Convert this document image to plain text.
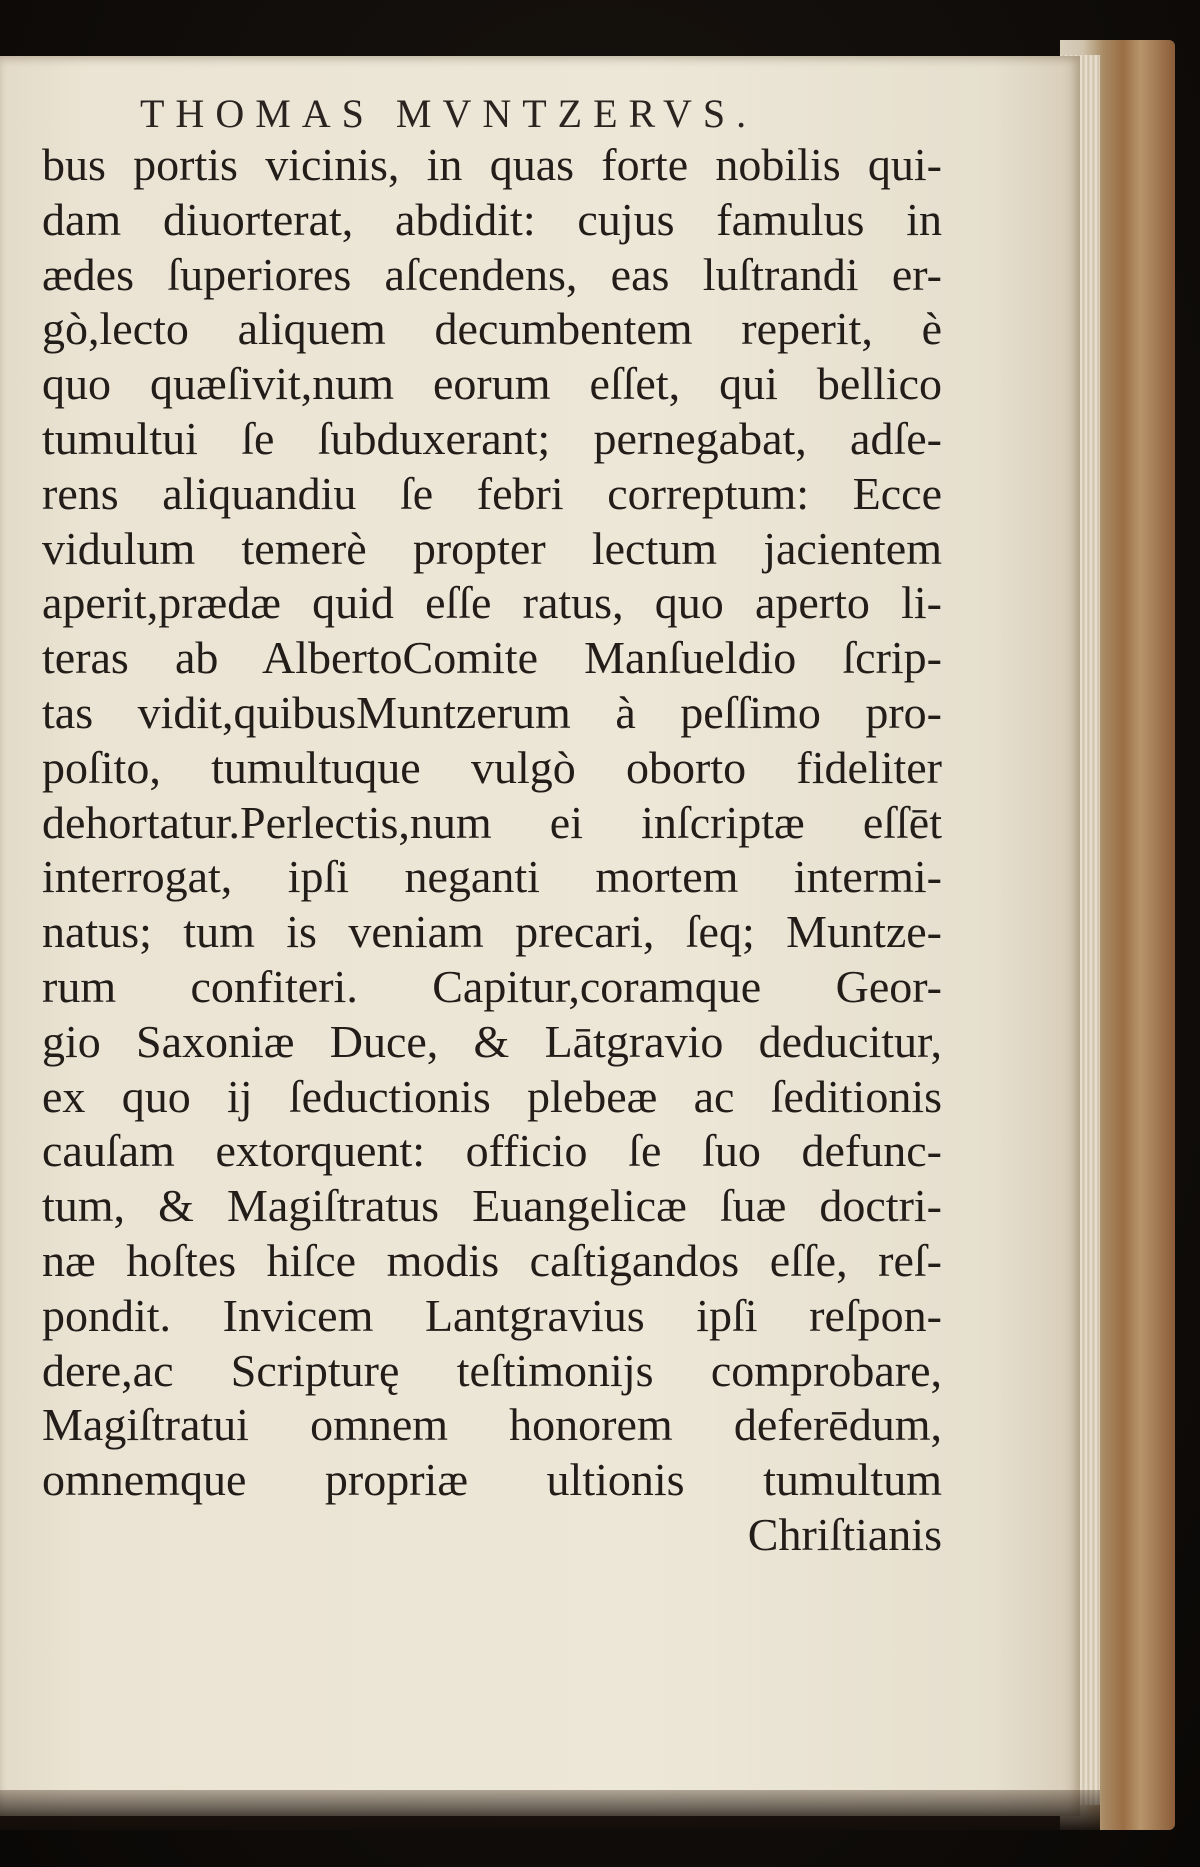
THOMAS MVNTZERVS.
bus portis vicinis, in quas forte nobilis qui-
dam diuorterat, abdidit: cujus famulus in
ædes ſuperiores aſcendens, eas luſtrandi er-
gò,lecto aliquem decumbentem reperit, è
quo quæſivit,num eorum eſſet, qui bellico
tumultui ſe ſubduxerant; pernegabat, adſe-
rens aliquandiu ſe febri correptum: Ecce
vidulum temerè propter lectum jacientem
aperit,prædæ quid eſſe ratus, quo aperto li-
teras ab AlbertoComite Manſueldio ſcrip-
tas vidit,quibusMuntzerum à peſſimo pro-
poſito, tumultuque vulgò oborto fideliter
dehortatur.Perlectis,num ei inſcriptæ eſſēt
interrogat, ipſi neganti mortem intermi-
natus; tum is veniam precari, ſeq; Muntze-
rum confiteri. Capitur,coramque Geor-
gio Saxoniæ Duce, & Lātgravio deducitur,
ex quo ij ſeductionis plebeæ ac ſeditionis
cauſam extorquent: officio ſe ſuo defunc-
tum, & Magiſtratus Euangelicæ ſuæ doctri-
næ hoſtes hiſce modis caſtigandos eſſe, reſ-
pondit. Invicem Lantgravius ipſi reſpon-
dere,ac Scripturę teſtimonijs comprobare,
Magiſtratui omnem honorem deferēdum,
omnemque propriæ ultionis tumultum
Chriſtianis
